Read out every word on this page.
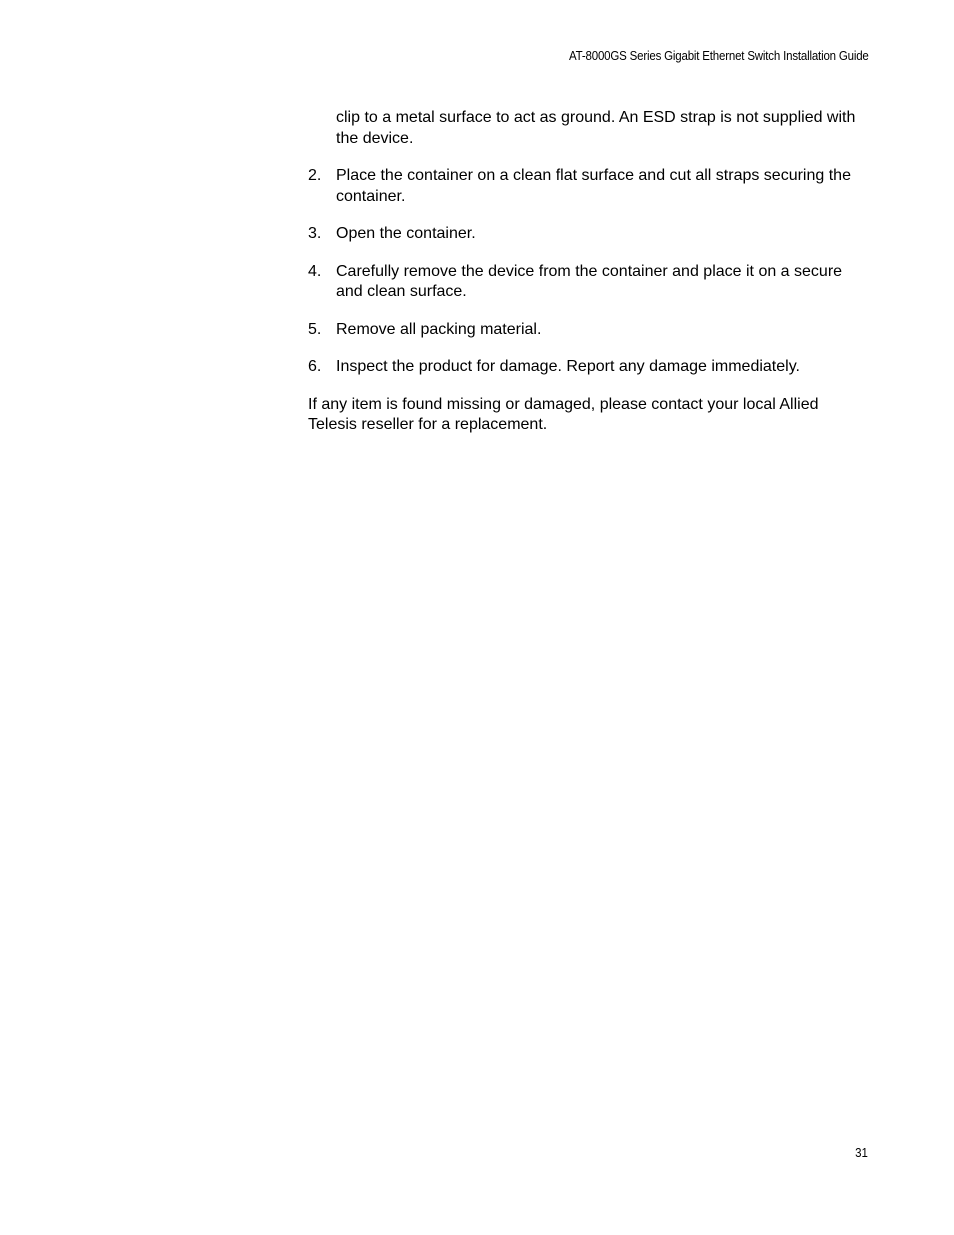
AT-8000GS Series Gigabit Ethernet Switch Installation Guide

clip to a metal surface to act as ground. An ESD strap is not supplied with the device.

2. Place the container on a clean flat surface and cut all straps securing the container.
3. Open the container.
4. Carefully remove the device from the container and place it on a secure and clean surface.
5. Remove all packing material.
6. Inspect the product for damage. Report any damage immediately.

If any item is found missing or damaged, please contact your local Allied Telesis reseller for a replacement.

31
